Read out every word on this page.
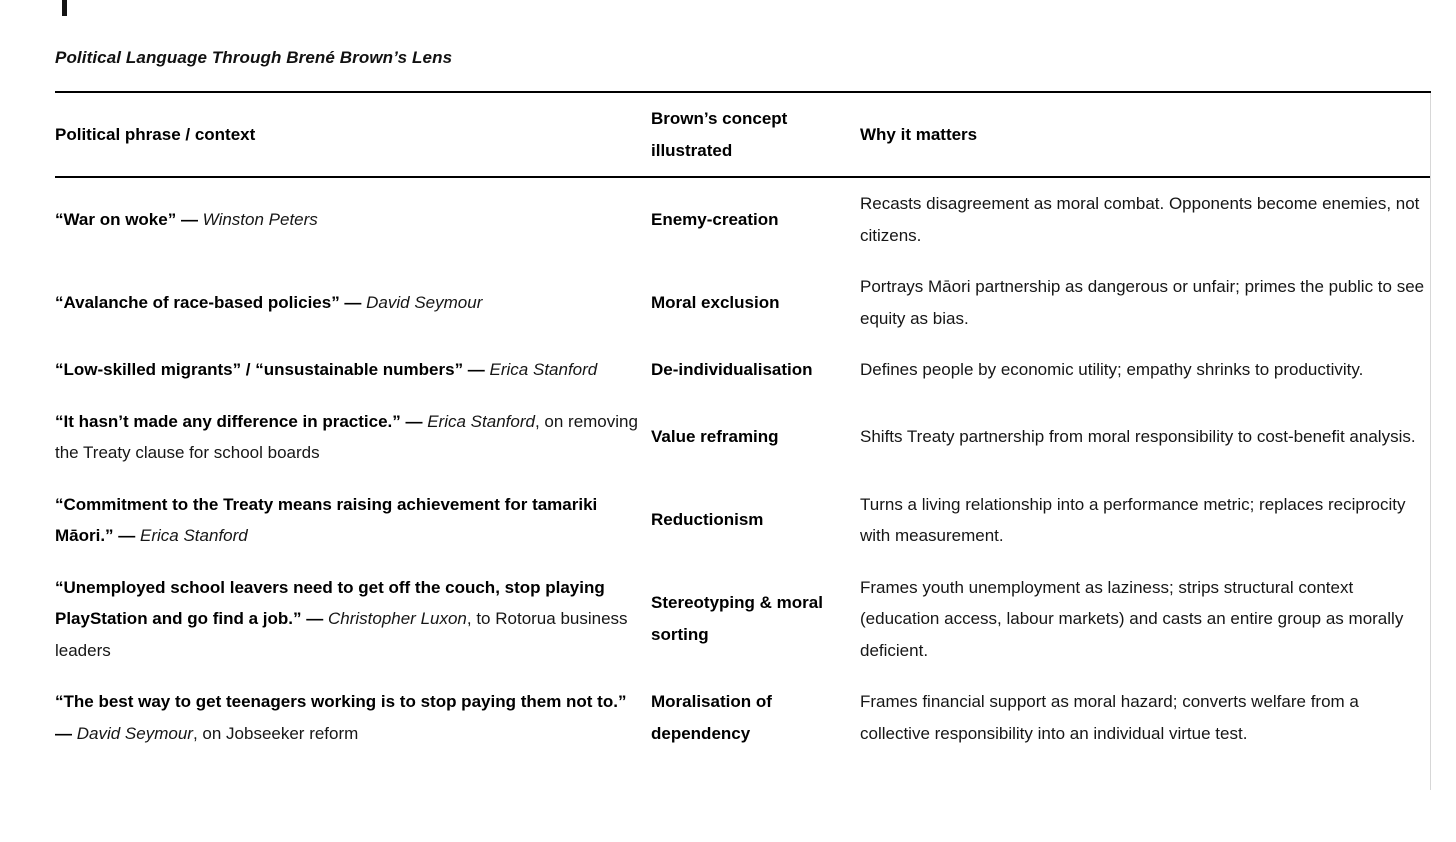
Political Language Through Brené Brown’s Lens
Political phrase / context	Brown’s concept illustrated	Why it matters
“War on woke” — Winston Peters	Enemy-creation	Recasts disagreement as moral combat. Opponents become enemies, not citizens.
“Avalanche of race-based policies” — David Seymour	Moral exclusion	Portrays Māori partnership as dangerous or unfair; primes the public to see equity as bias.
“Low-skilled migrants” / “unsustainable numbers” — Erica Stanford	De-individualisation	Defines people by economic utility; empathy shrinks to productivity.
“It hasn’t made any difference in practice.” — Erica Stanford, on removing the Treaty clause for school boards	Value reframing	Shifts Treaty partnership from moral responsibility to cost-benefit analysis.
“Commitment to the Treaty means raising achievement for tamariki Māori.” — Erica Stanford	Reductionism	Turns a living relationship into a performance metric; replaces reciprocity with measurement.
“Unemployed school leavers need to get off the couch, stop playing PlayStation and go find a job.” — Christopher Luxon, to Rotorua business leaders	Stereotyping & moral sorting	Frames youth unemployment as laziness; strips structural context (education access, labour markets) and casts an entire group as morally deficient.
“The best way to get teenagers working is to stop paying them not to.” — David Seymour, on Jobseeker reform	Moralisation of dependency	Frames financial support as moral hazard; converts welfare from a collective responsibility into an individual virtue test.
